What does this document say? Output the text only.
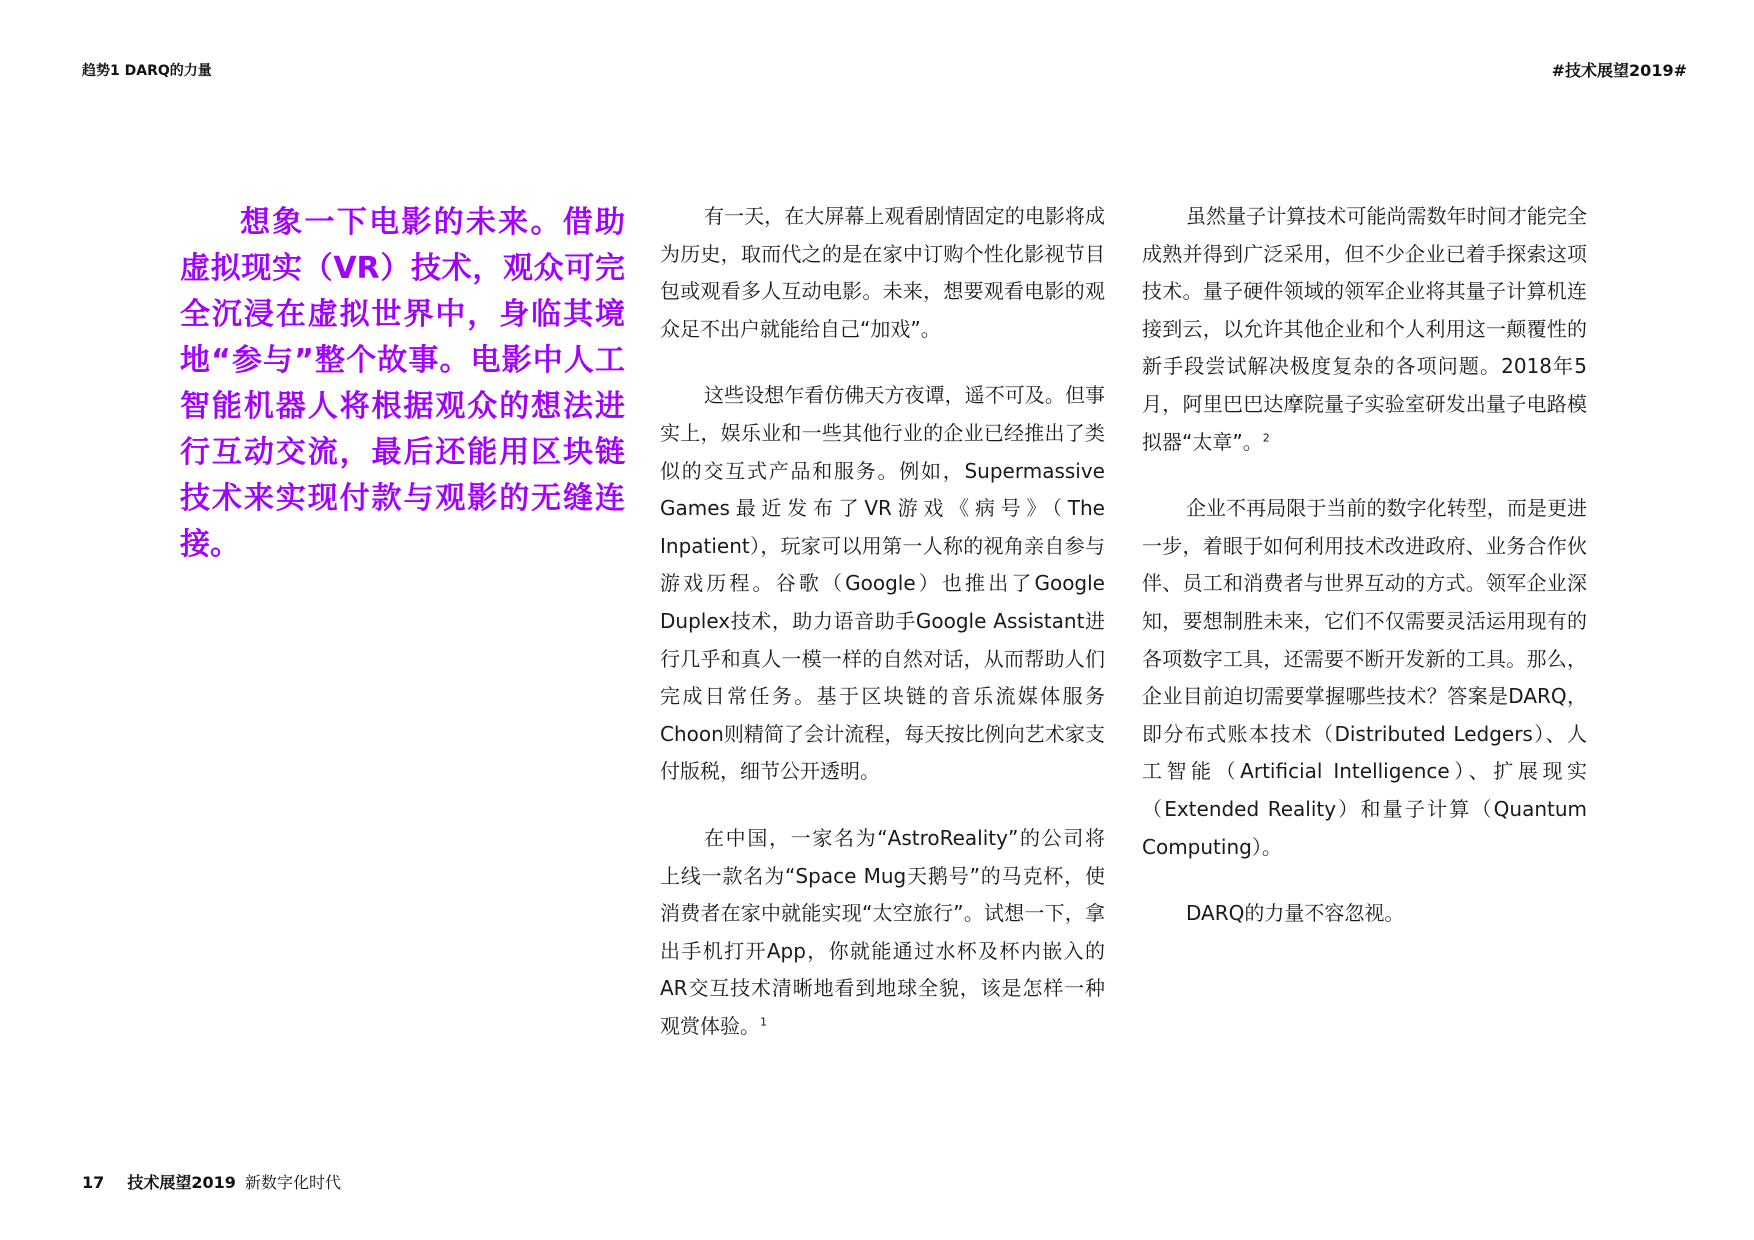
趋势1 DARQ的力量	#技术展望2019#

想象一下电影的未来。借助虚拟现实（VR）技术，观众可完全沉浸在虚拟世界中，身临其境地“参与”整个故事。电影中人工智能机器人将根据观众的想法进行互动交流，最后还能用区块链技术来实现付款与观影的无缝连接。

有一天，在大屏幕上观看剧情固定的电影将成为历史，取而代之的是在家中订购个性化影视节目包或观看多人互动电影。未来，想要观看电影的观众足不出户就能给自己“加戏”。

这些设想乍看仿佛天方夜谭，遥不可及。但事实上，娱乐业和一些其他行业的企业已经推出了类似的交互式产品和服务。例如，Supermassive Games最近发布了VR游戏《病号》（The Inpatient），玩家可以用第一人称的视角亲自参与游戏历程。谷歌（Google）也推出了Google Duplex技术，助力语音助手Google Assistant进行几乎和真人一模一样的自然对话，从而帮助人们完成日常任务。基于区块链的音乐流媒体服务Choon则精简了会计流程，每天按比例向艺术家支付版税，细节公开透明。

在中国，一家名为“AstroReality”的公司将上线一款名为“Space Mug天鹅号”的马克杯，使消费者在家中就能实现“太空旅行”。试想一下，拿出手机打开App，你就能通过水杯及杯内嵌入的AR交互技术清晰地看到地球全貌，该是怎样一种观赏体验。$^1$

虽然量子计算技术可能尚需数年时间才能完全成熟并得到广泛采用，但不少企业已着手探索这项技术。量子硬件领域的领军企业将其量子计算机连接到云，以允许其他企业和个人利用这一颠覆性的新手段尝试解决极度复杂的各项问题。2018年5月，阿里巴巴达摩院量子实验室研发出量子电路模拟器“太章”。$^2$

企业不再局限于当前的数字化转型，而是更进一步，着眼于如何利用技术改进政府、业务合作伙伴、员工和消费者与世界互动的方式。领军企业深知，要想制胜未来，它们不仅需要灵活运用现有的各项数字工具，还需要不断开发新的工具。那么，企业目前迫切需要掌握哪些技术？答案是DARQ，即分布式账本技术（Distributed Ledgers）、人工智能（Artificial Intelligence）、扩展现实（Extended Reality）和量子计算（Quantum Computing）。

DARQ的力量不容忽视。

17 技术展望2019 新数字化时代
